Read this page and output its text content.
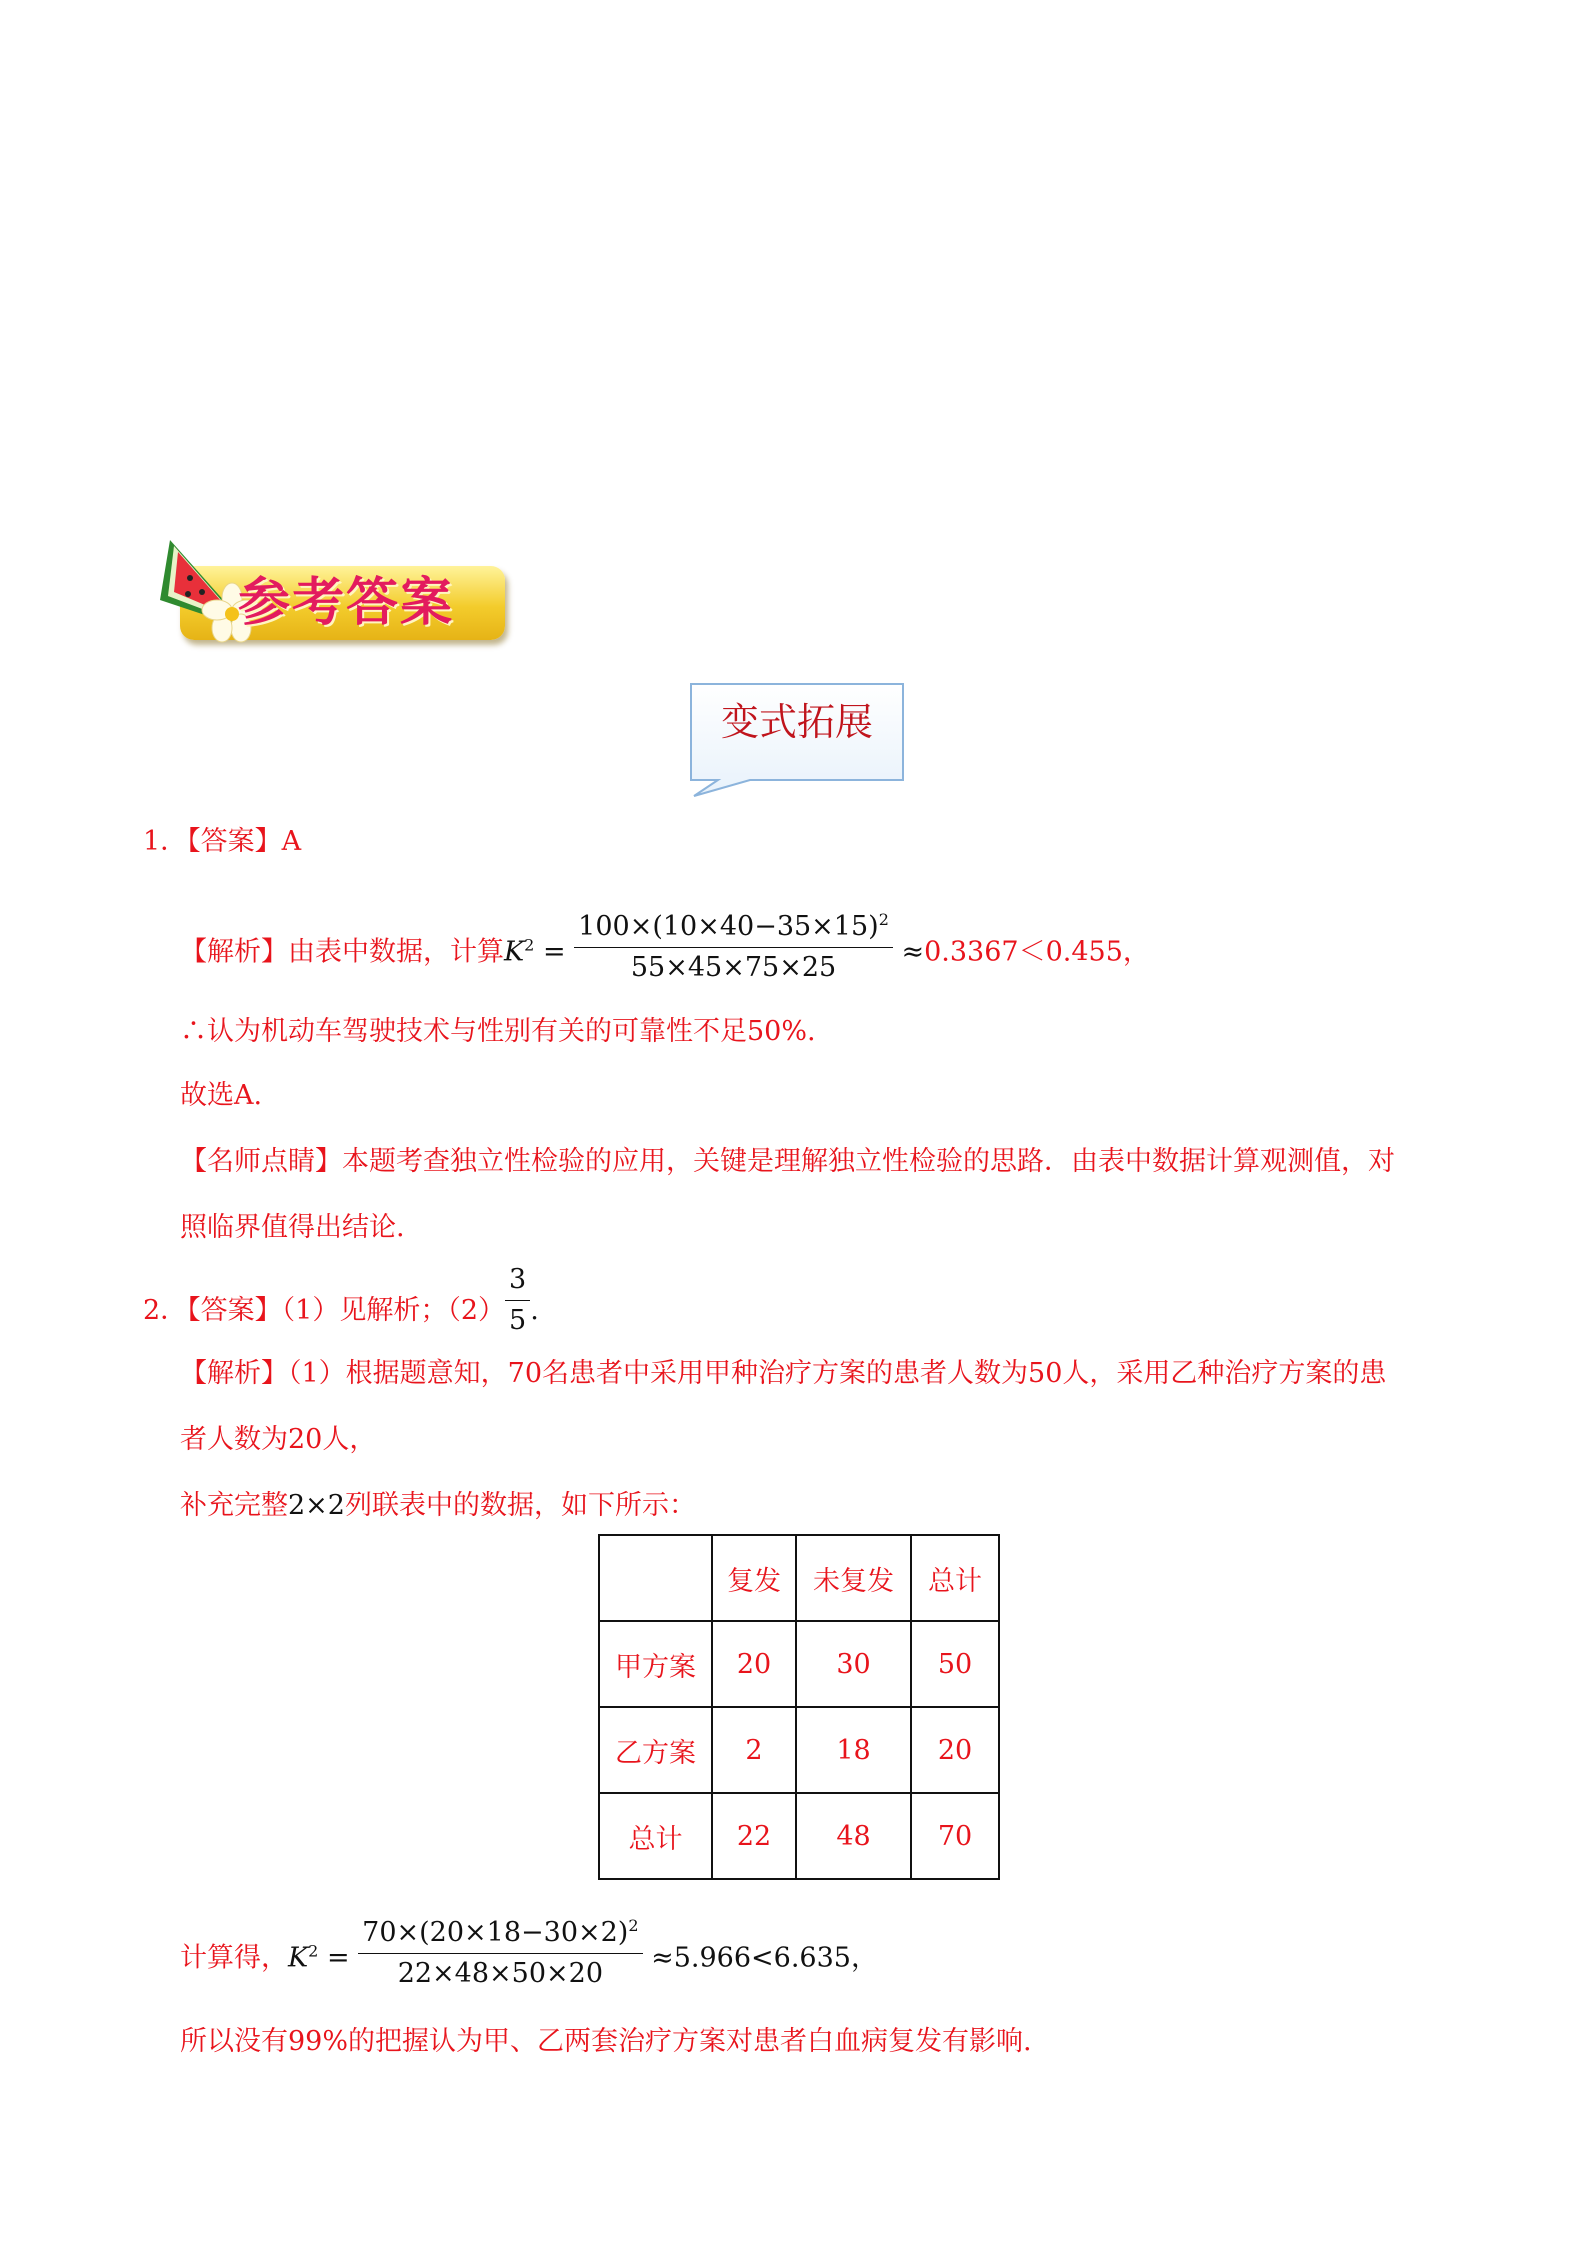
参考答案
变式拓展
1．【答案】A
【解析】由表中数据，计算$K^2 = \frac{100\times(10\times 40-35\times 15)^2}{55\times 45\times 75\times 25} \approx 0.3367<0.455$，
∴认为机动车驾驶技术与性别有关的可靠性不足50%.
故选A.
【名师点睛】本题考查独立性检验的应用，关键是理解独立性检验的思路．由表中数据计算观测值，对
照临界值得出结论.
2．【答案】（1）见解析；$(2) \frac{3}{5}$ .
【解析】（1）根据题意知，70名患者中采用甲种治疗方案的患者人数为50人，采用乙种治疗方案的患
者人数为20人，
补充完整2×2列联表中的数据，如下所示：
	复发	未复发	总计
甲方案	20	30	50
乙方案	2	18	20
总计	22	48	70
计算得，$K^2 = \frac{70\times(20\times 18-30\times 2)^2}{22\times 48\times 50\times 20} \approx 5.966<6.635$，
所以没有99%的把握认为甲、乙两套治疗方案对患者白血病复发有影响.
